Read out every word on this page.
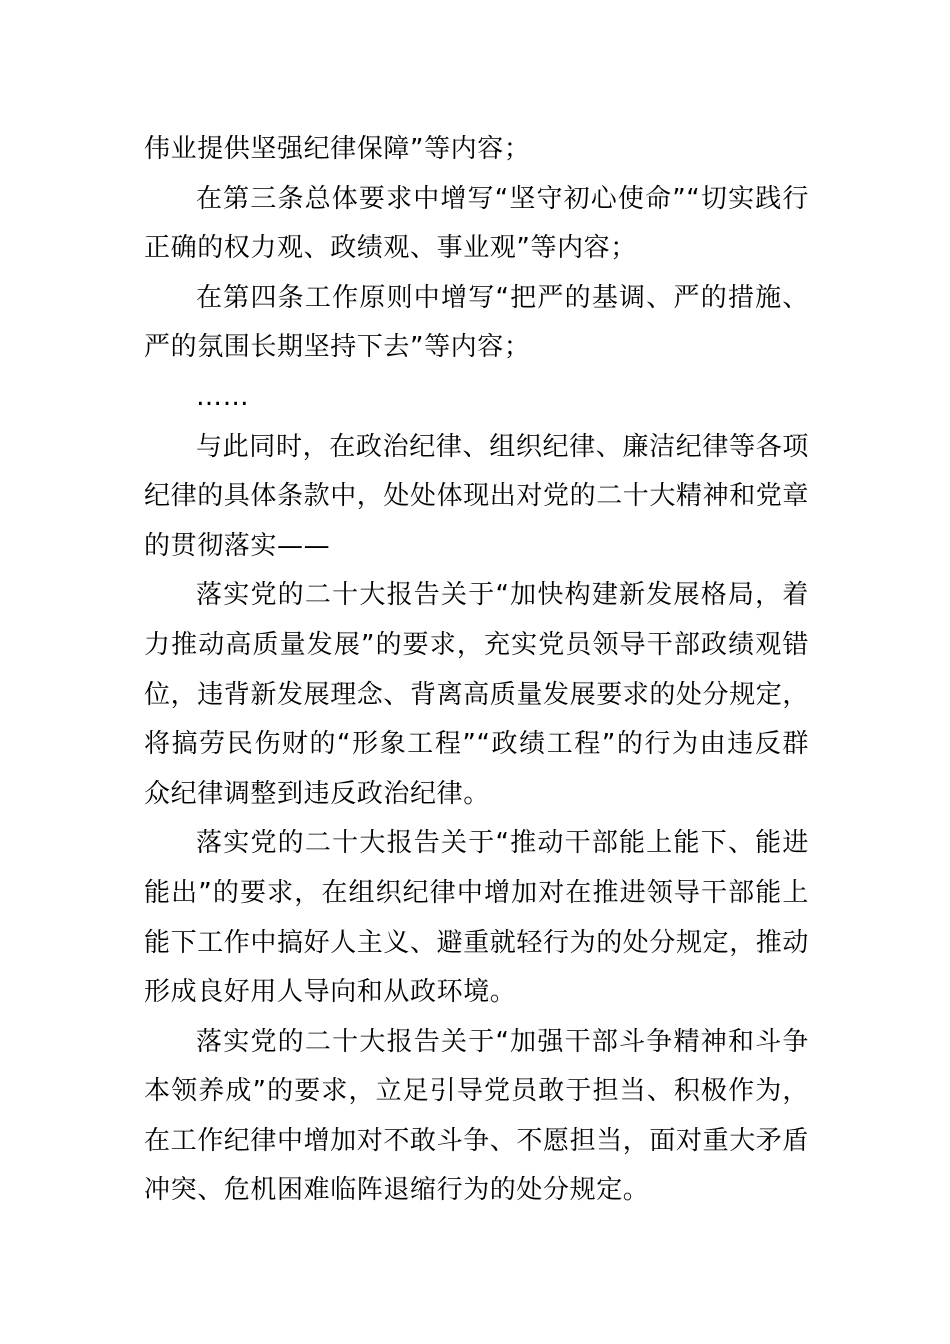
伟业提供坚强纪律保障”等内容；

在第三条总体要求中增写“坚守初心使命”“切实践行正确的权力观、政绩观、事业观”等内容；

在第四条工作原则中增写“把严的基调、严的措施、严的氛围长期坚持下去”等内容；

……

与此同时，在政治纪律、组织纪律、廉洁纪律等各项纪律的具体条款中，处处体现出对党的二十大精神和党章的贯彻落实——

落实党的二十大报告关于“加快构建新发展格局，着力推动高质量发展”的要求，充实党员领导干部政绩观错位，违背新发展理念、背离高质量发展要求的处分规定，将搞劳民伤财的“形象工程”“政绩工程”的行为由违反群众纪律调整到违反政治纪律。

落实党的二十大报告关于“推动干部能上能下、能进能出”的要求，在组织纪律中增加对在推进领导干部能上能下工作中搞好人主义、避重就轻行为的处分规定，推动形成良好用人导向和从政环境。

落实党的二十大报告关于“加强干部斗争精神和斗争本领养成”的要求，立足引导党员敢于担当、积极作为，在工作纪律中增加对不敢斗争、不愿担当，面对重大矛盾冲突、危机困难临阵退缩行为的处分规定。
